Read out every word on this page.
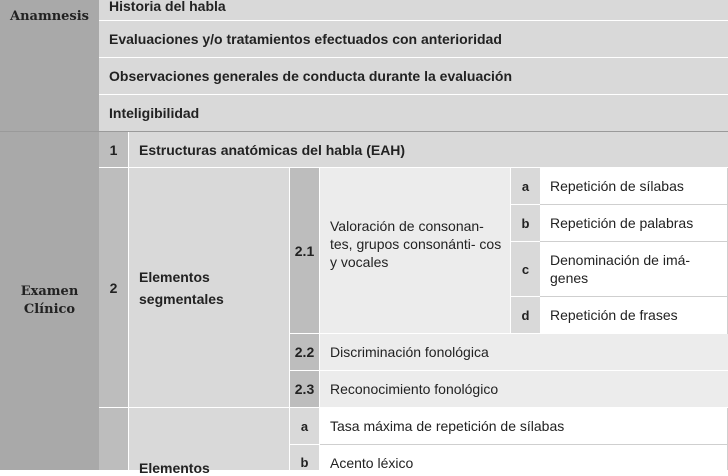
Anamnesis
Examen Clínico
Historia del habla
Evaluaciones y/o tratamientos efectuados con anterioridad
Observaciones generales de conducta durante la evaluación
Inteligibilidad
1 Estructuras anatómicas del habla (EAH)
2
Elementos segmentales
2.1
Valoración de consonan- tes, grupos consonánti- cos y vocales
a Repetición de sílabas
b Repetición de palabras
c
Denominación de imá- genes
d Repetición de frases
2.2 Discriminación fonológica
2.3 Reconocimiento fonológico
Elementos
a Tasa máxima de repetición de sílabas
b Acento léxico
